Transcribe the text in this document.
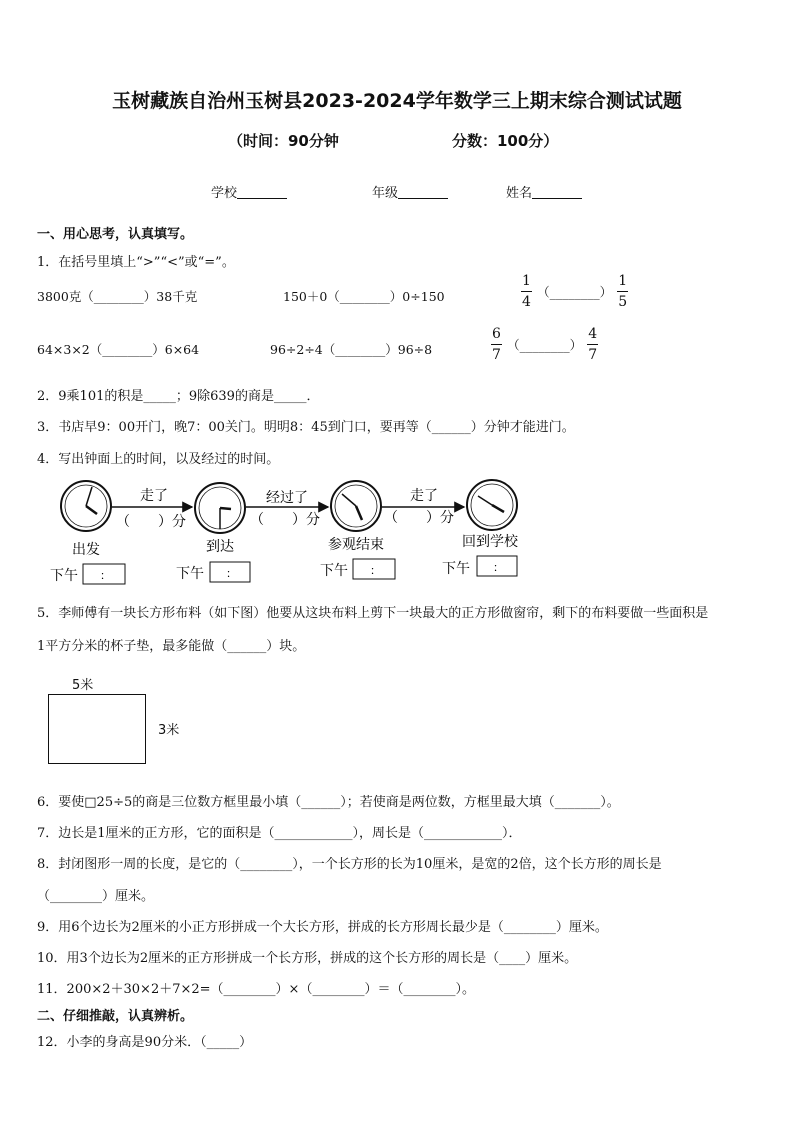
玉树藏族自治州玉树县2023-2024学年数学三上期末综合测试试题
（时间：90分钟	分数：100分）
学校	年级	姓名
一、用心思考，认真填写。
1．在括号里填上“>”“<”或“=”。
3800克（________）38千克	150＋0（________）0÷150	$\frac{1}{4}$ （________） $\frac{1}{5}$
64×3×2（________）6×64	96÷2÷4（________）96÷8	$\frac{6}{7}$ （________） $\frac{4}{7}$
2．9乘101的积是_____；9除639的商是_____．
3．书店早9：00开门，晚7：00关门。明明8：45到门口，要再等（______）分钟才能进门。
4．写出钟面上的时间，以及经过的时间。
走了	经过了	走了
（　　）分	（　　）分	（　　）分
出发	到达	参观结束	回到学校
下午 ：	下午 ：	下午 ：	下午 ：
5．李师傅有一块长方形布料（如下图）他要从这块布料上剪下一块最大的正方形做窗帘，剩下的布料要做一些面积是
1平方分米的杯子垫，最多能做（______）块。
5米
3米
6．要使□25÷5的商是三位数方框里最小填（______）；若使商是两位数，方框里最大填（_______）。
7．边长是1厘米的正方形，它的面积是（____________），周长是（____________）．
8．封闭图形一周的长度，是它的（________），一个长方形的长为10厘米，是宽的2倍，这个长方形的周长是
（________）厘米。
9．用6个边长为2厘米的小正方形拼成一个大长方形，拼成的长方形周长最少是（________）厘米。
10．用3个边长为2厘米的正方形拼成一个长方形，拼成的这个长方形的周长是（____）厘米。
11．200×2＋30×2＋7×2=（________）×（________）＝（________）。
二、仔细推敲，认真辨析。
12．小李的身高是90分米．（_____）
